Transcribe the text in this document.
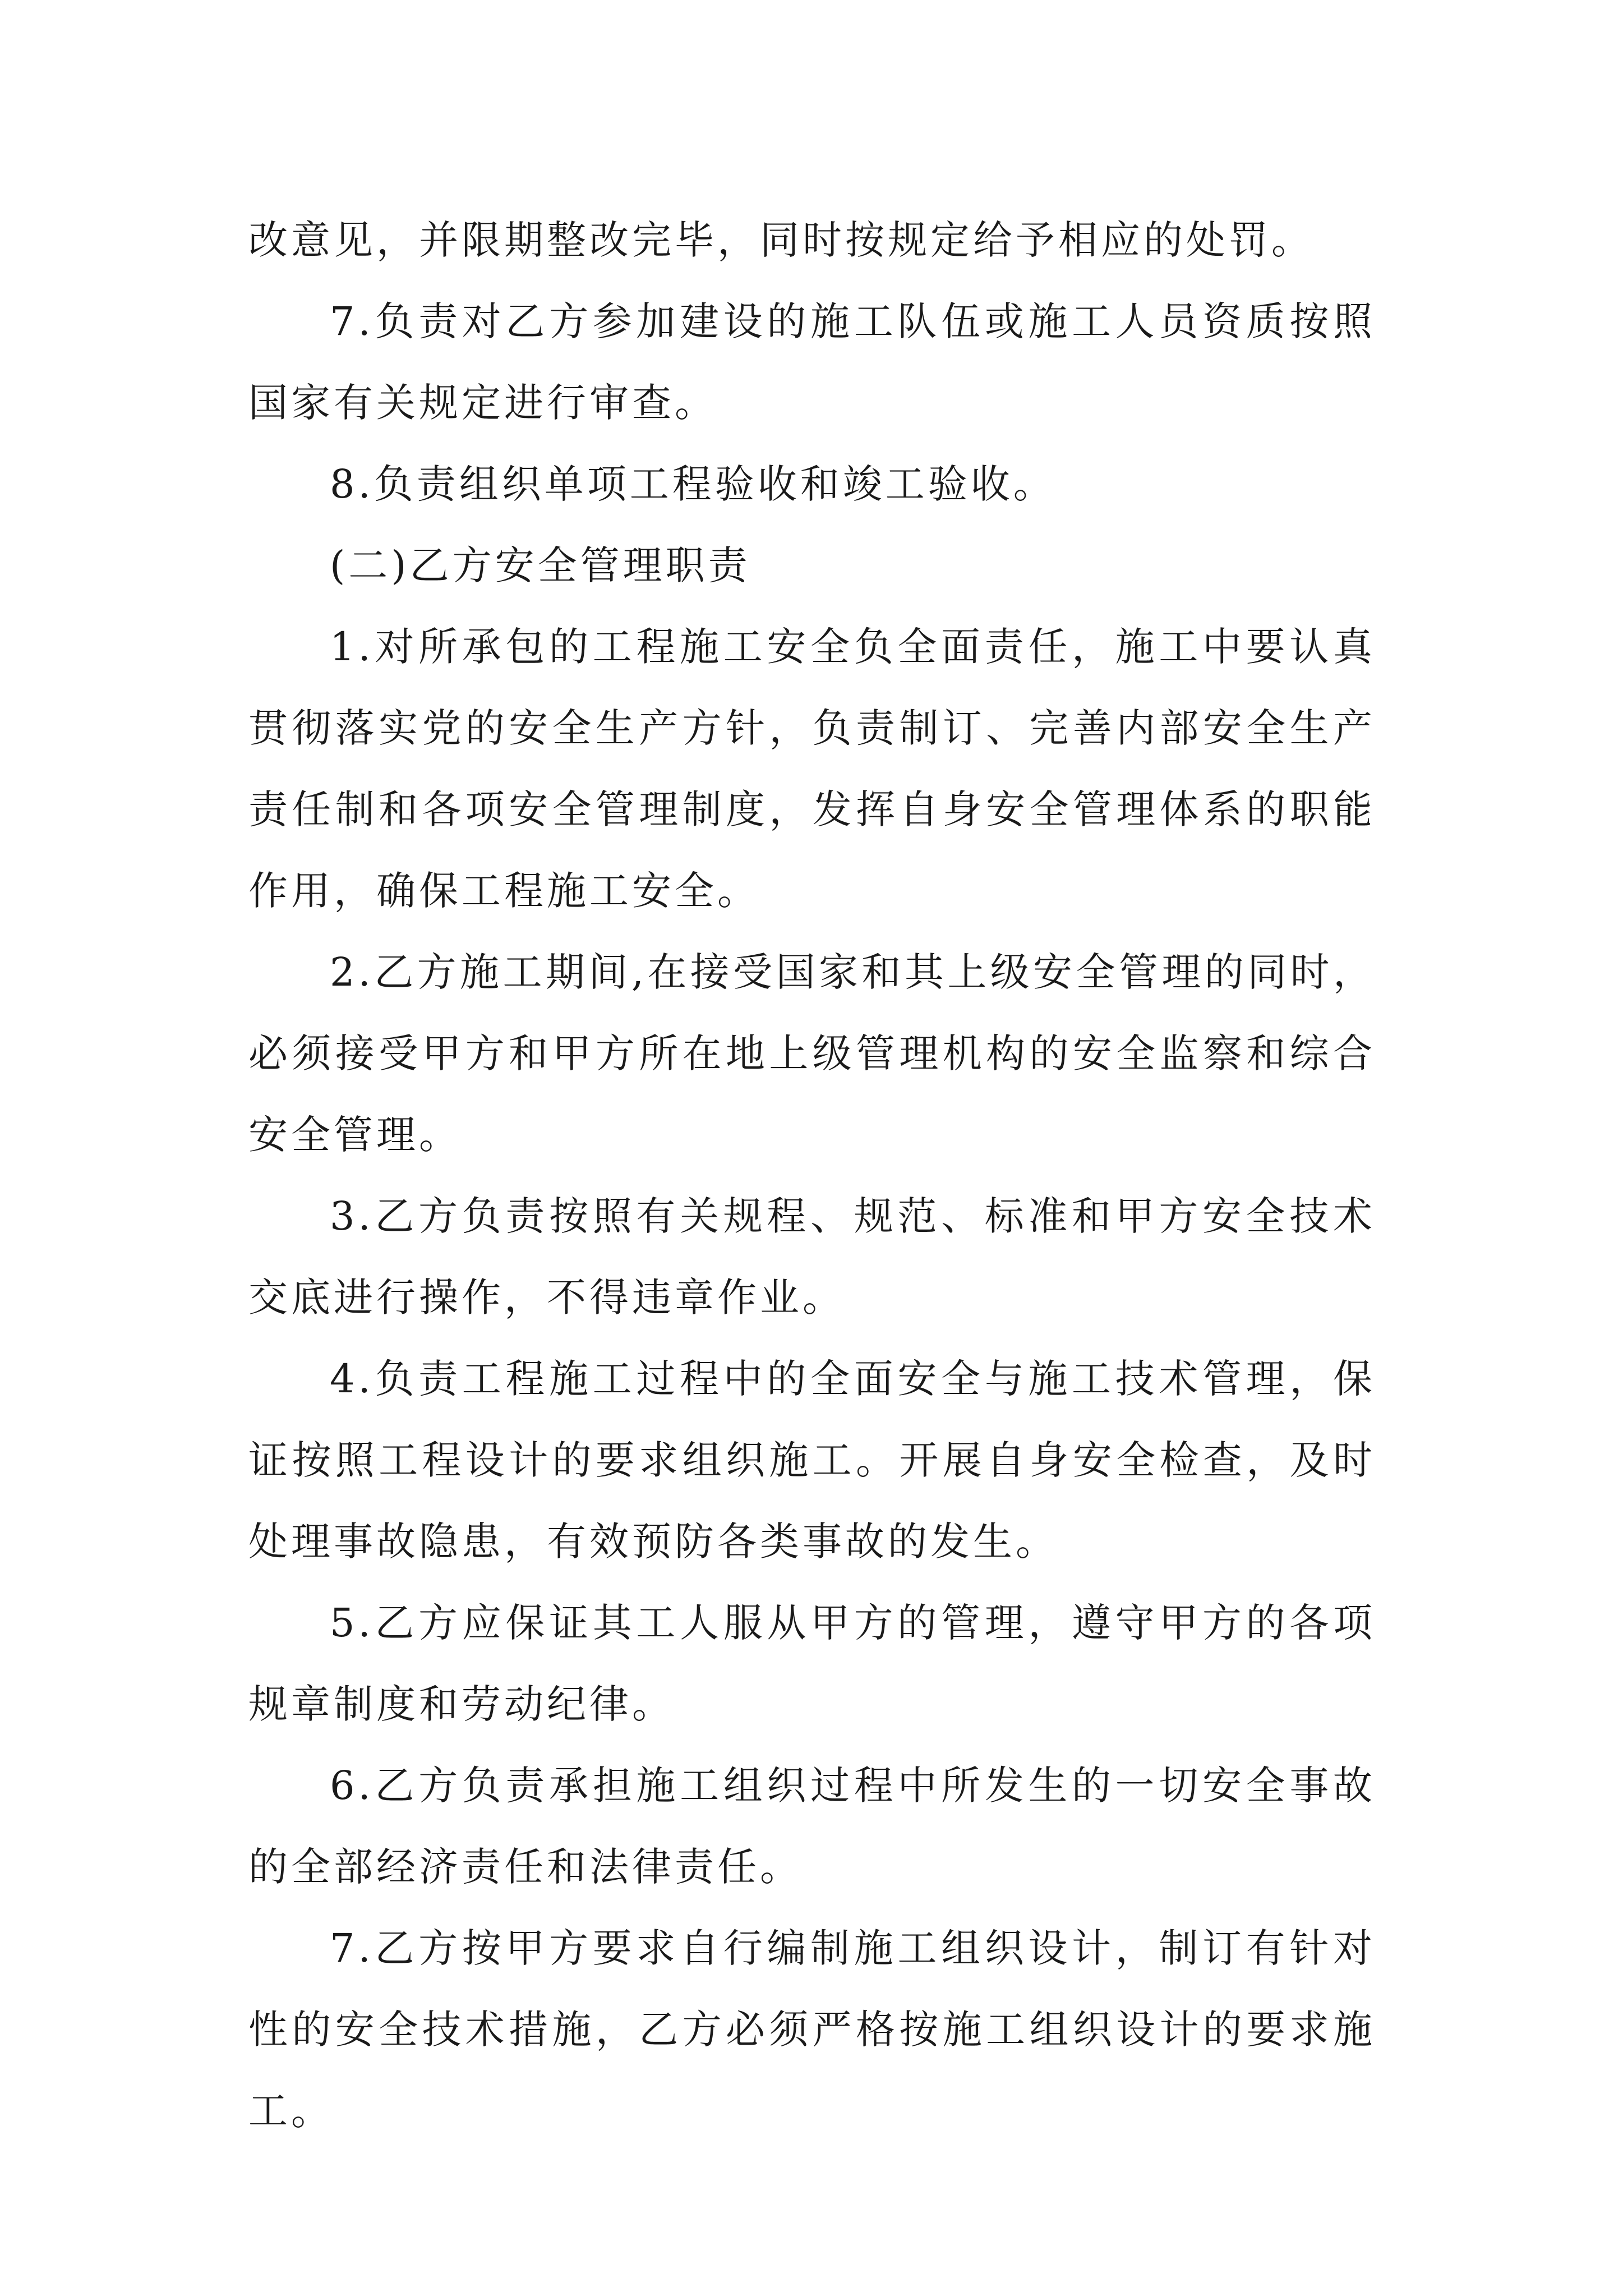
改意见，并限期整改完毕，同时按规定给予相应的处罚。

7.负责对乙方参加建设的施工队伍或施工人员资质按照国家有关规定进行审查。

8.负责组织单项工程验收和竣工验收。

(二)乙方安全管理职责

1.对所承包的工程施工安全负全面责任，施工中要认真贯彻落实党的安全生产方针，负责制订、完善内部安全生产责任制和各项安全管理制度，发挥自身安全管理体系的职能作用，确保工程施工安全。

2.乙方施工期间,在接受国家和其上级安全管理的同时，必须接受甲方和甲方所在地上级管理机构的安全监察和综合安全管理。

3.乙方负责按照有关规程、规范、标准和甲方安全技术交底进行操作，不得违章作业。

4.负责工程施工过程中的全面安全与施工技术管理，保证按照工程设计的要求组织施工。开展自身安全检查，及时处理事故隐患，有效预防各类事故的发生。

5.乙方应保证其工人服从甲方的管理，遵守甲方的各项规章制度和劳动纪律。

6.乙方负责承担施工组织过程中所发生的一切安全事故的全部经济责任和法律责任。

7.乙方按甲方要求自行编制施工组织设计，制订有针对性的安全技术措施，乙方必须严格按施工组织设计的要求施工。
